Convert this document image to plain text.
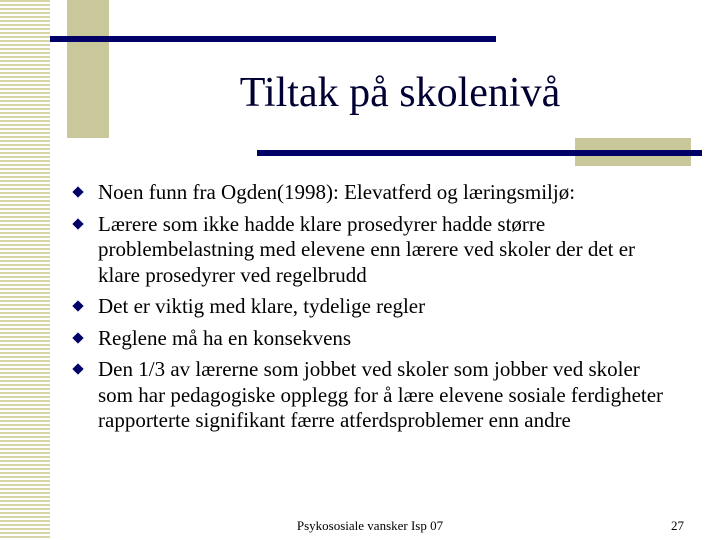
Tiltak på skolenivå
Noen funn fra Ogden(1998): Elevatferd og læringsmiljø:
Lærere som ikke hadde klare prosedyrer hadde større problembelastning med elevene enn lærere ved skoler der det er klare prosedyrer ved regelbrudd
Det er viktig med klare, tydelige regler
Reglene må ha en konsekvens
Den 1/3 av lærerne som jobbet ved skoler som jobber ved skoler som har pedagogiske opplegg for å lære elevene sosiale ferdigheter rapporterte signifikant færre atferdsproblemer enn andre
Psykososiale vansker Isp 07	27
